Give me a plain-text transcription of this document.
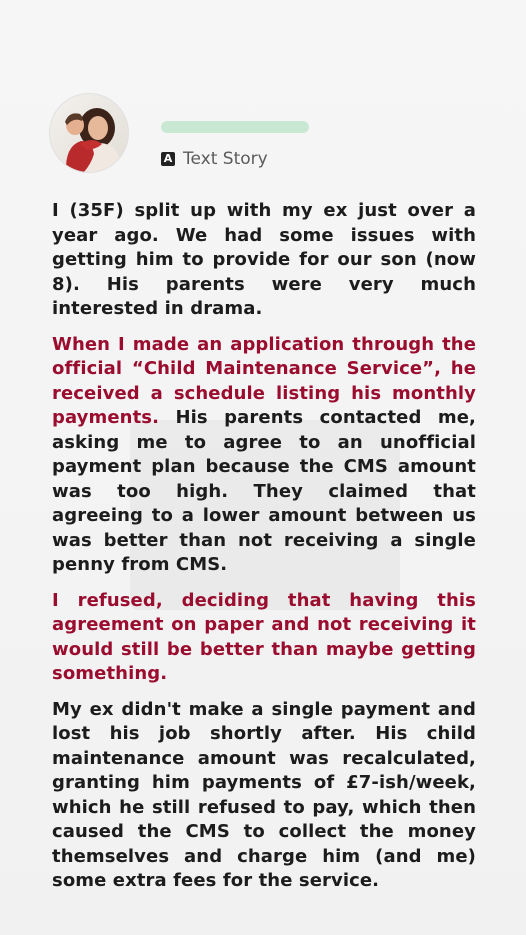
A Text Story

I (35F) split up with my ex just over a year ago. We had some issues with getting him to provide for our son (now 8). His parents were very much interested in drama.

When I made an application through the official “Child Maintenance Service”, he received a schedule listing his monthly payments. His parents contacted me, asking me to agree to an unofficial payment plan because the CMS amount was too high. They claimed that agreeing to a lower amount between us was better than not receiving a single penny from CMS.

I refused, deciding that having this agreement on paper and not receiving it would still be better than maybe getting something.

My ex didn't make a single payment and lost his job shortly after. His child maintenance amount was recalculated, granting him payments of £7-ish/week, which he still refused to pay, which then caused the CMS to collect the money themselves and charge him (and me) some extra fees for the service.
